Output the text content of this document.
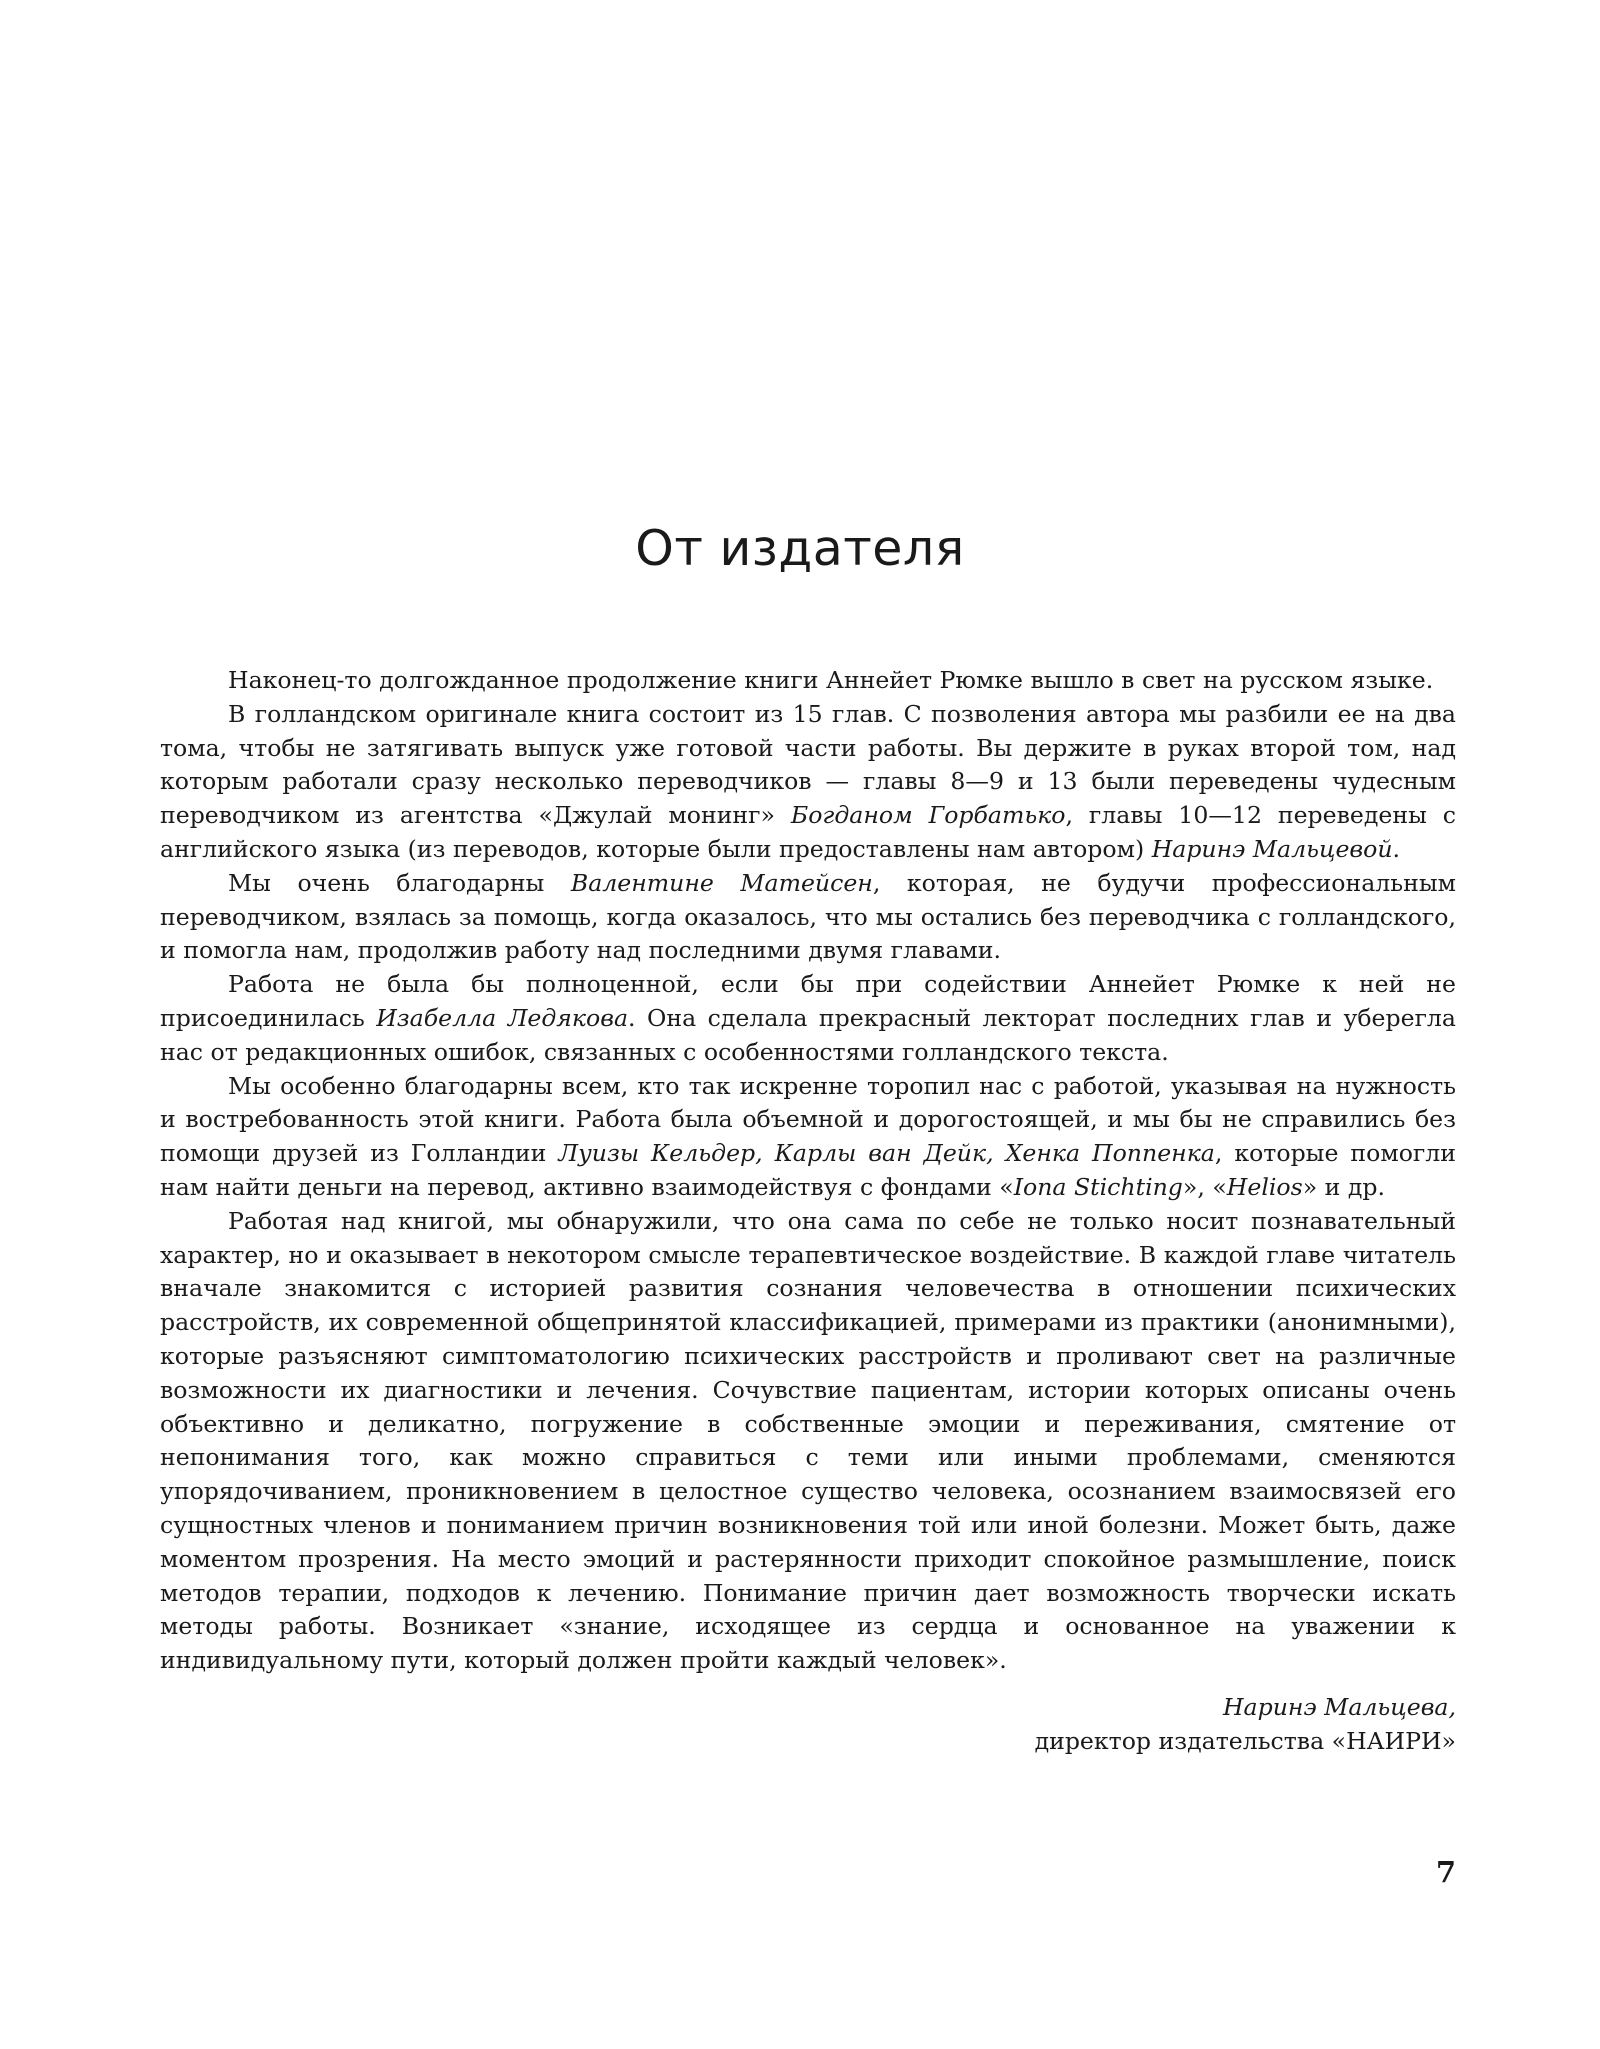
От издателя

Наконец-то долгожданное продолжение книги Аннейет Рюмке вышло в свет на русском языке.

В голландском оригинале книга состоит из 15 глав. С позволения автора мы разбили ее на два тома, чтобы не затягивать выпуск уже готовой части работы. Вы держите в руках второй том, над которым работали сразу несколько переводчиков — главы 8—9 и 13 были переведены чудесным переводчиком из агентства «Джулай монинг» Богданом Горбатько, главы 10—12 переведены с английского языка (из переводов, которые были предоставлены нам автором) Наринэ Мальцевой.

Мы очень благодарны Валентине Матейсен, которая, не будучи профессиональным переводчиком, взялась за помощь, когда оказалось, что мы остались без переводчика с голландского, и помогла нам, продолжив работу над последними двумя главами.

Работа не была бы полноценной, если бы при содействии Аннейет Рюмке к ней не присоединилась Изабелла Ледякова. Она сделала прекрасный лекторат последних глав и уберегла нас от редакционных ошибок, связанных с особенностями голландского текста.

Мы особенно благодарны всем, кто так искренне торопил нас с работой, указывая на нужность и востребованность этой книги. Работа была объемной и дорогостоящей, и мы бы не справились без помощи друзей из Голландии Луизы Кельдер, Карлы ван Дейк, Хенка Поппенка, которые помогли нам найти деньги на перевод, активно взаимодействуя с фондами «Iona Stichting», «Helios» и др.

Работая над книгой, мы обнаружили, что она сама по себе не только носит познавательный характер, но и оказывает в некотором смысле терапевтическое воздействие. В каждой главе читатель вначале знакомится с историей развития сознания человечества в отношении психических расстройств, их современной общепринятой классификацией, примерами из практики (анонимными), которые разъясняют симптоматологию психических расстройств и проливают свет на различные возможности их диагностики и лечения. Сочувствие пациентам, истории которых описаны очень объективно и деликатно, погружение в собственные эмоции и переживания, смятение от непонимания того, как можно справиться с теми или иными проблемами, сменяются упорядочиванием, проникновением в целостное существо человека, осознанием взаимосвязей его сущностных членов и пониманием причин возникновения той или иной болезни. Может быть, даже моментом прозрения. На место эмоций и растерянности приходит спокойное размышление, поиск методов терапии, подходов к лечению. Понимание причин дает возможность творчески искать методы работы. Возникает «знание, исходящее из сердца и основанное на уважении к индивидуальному пути, который должен пройти каждый человек».

Наринэ Мальцева,
директор издательства «НАИРИ»
7
